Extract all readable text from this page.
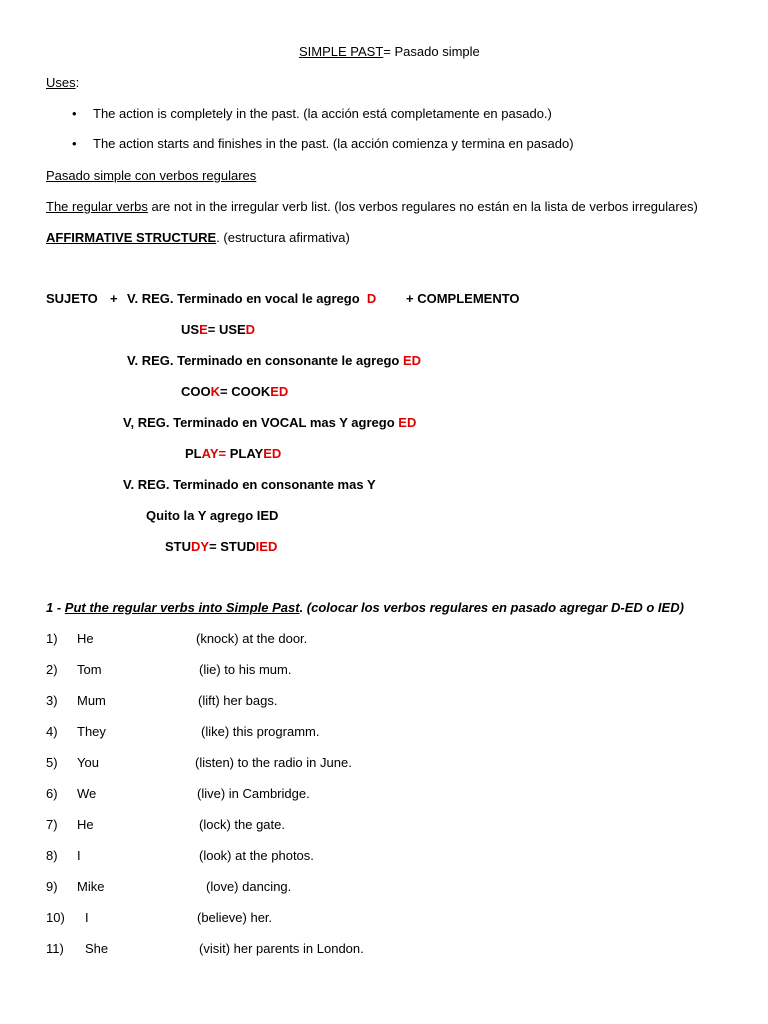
SIMPLE PAST= Pasado simple
Uses:
• The action is completely in the past. (la acción está completamente en pasado.)
• The action starts and finishes in the past. (la acción comienza y termina en pasado)
Pasado simple con verbos regulares
The regular verbs are not in the irregular verb list. (los verbos regulares no están en la lista de verbos irregulares)
AFFIRMATIVE STRUCTURE. (estructura afirmativa)
SUJETO + V. REG. Terminado en vocal le agrego D + COMPLEMENTO
USE= USED
V. REG. Terminado en consonante le agrego ED
COOK= COOKED
V, REG. Terminado en VOCAL mas Y agrego ED
PLAY= PLAYED
V. REG. Terminado en consonante mas Y
Quito la Y agrego IED
STUDY= STUDIED
1 - Put the regular verbs into Simple Past. (colocar los verbos regulares en pasado agregar D-ED o IED)
1) He	(knock) at the door.
2) Tom	(lie) to his mum.
3) Mum	(lift) her bags.
4) They	(like) this programm.
5) You	(listen) to the radio in June.
6) We	(live) in Cambridge.
7) He	(lock) the gate.
8) I	(look) at the photos.
9) Mike	(love) dancing.
10) I	(believe) her.
11) She	(visit) her parents in London.
